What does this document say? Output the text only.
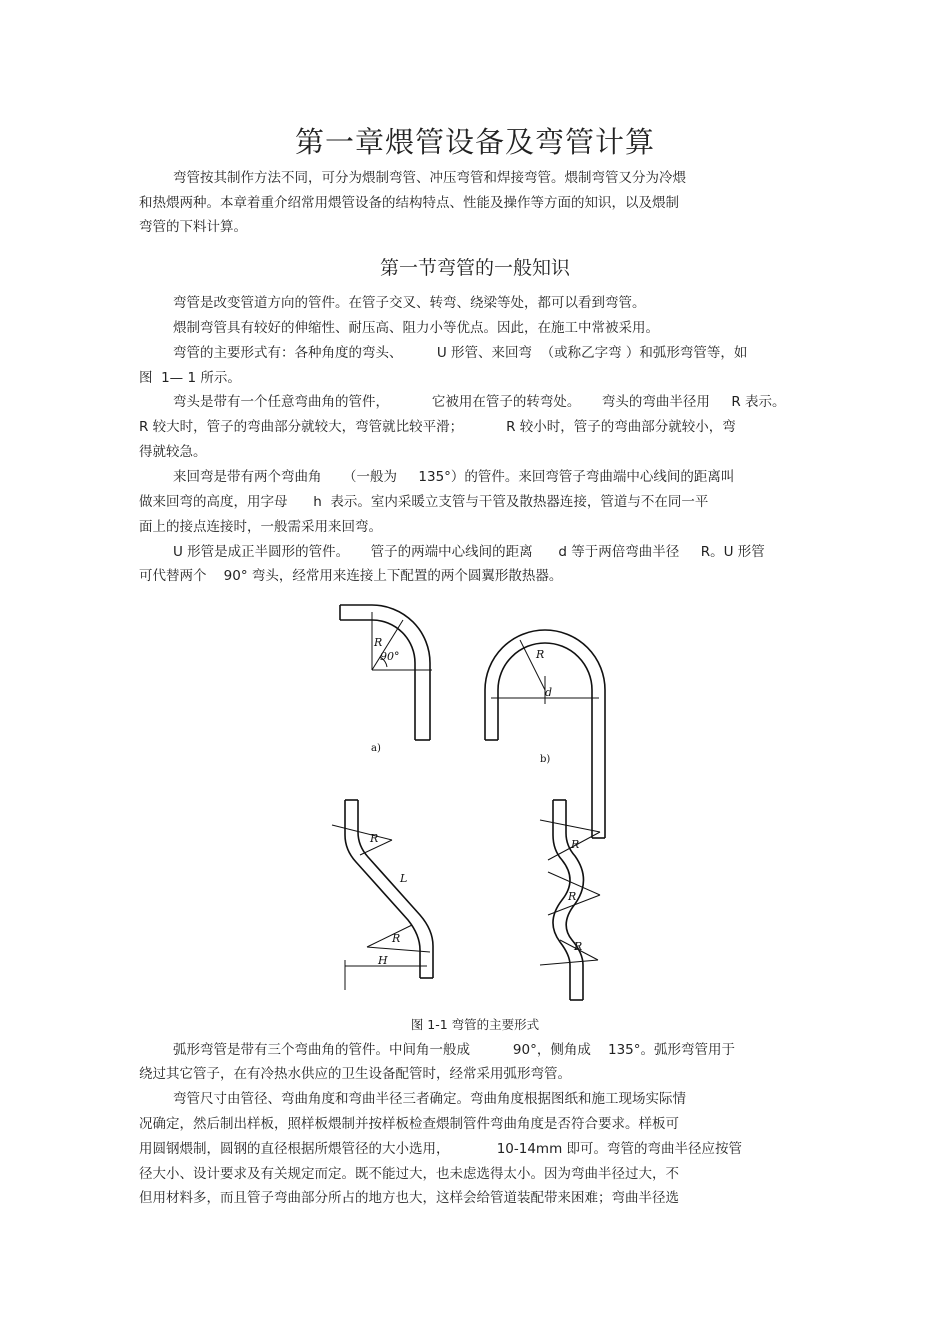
第一章煨管设备及弯管计算
弯管按其制作方法不同，可分为煨制弯管、冲压弯管和焊接弯管。煨制弯管又分为冷煨
和热煨两种。本章着重介绍常用煨管设备的结构特点、性能及操作等方面的知识，以及煨制
弯管的下料计算。
第一节弯管的一般知识
弯管是改变管道方向的管件。在管子交叉、转弯、绕梁等处，都可以看到弯管。
煨制弯管具有较好的伸缩性、耐压高、阻力小等优点。因此，在施工中常被采用。
弯管的主要形式有：各种角度的弯头、        U 形管、来回弯  （或称乙字弯 ）和弧形弯管等，如
图  1— 1 所示。
弯头是带有一个任意弯曲角的管件，          它被用在管子的转弯处。     弯头的弯曲半径用     R 表示。
R 较大时，管子的弯曲部分就较大，弯管就比较平滑；          R 较小时，管子的弯曲部分就较小，弯
得就较急。
来回弯是带有两个弯曲角     （一般为     135°）的管件。来回弯管子弯曲端中心线间的距离叫
做来回弯的高度，用字母      h  表示。室内采暖立支管与干管及散热器连接，管道与不在同一平
面上的接点连接时，一般需采用来回弯。
U 形管是成正半圆形的管件。     管子的两端中心线间的距离      d 等于两倍弯曲半径     R。U 形管
可代替两个    90° 弯头，经常用来连接上下配置的两个圆翼形散热器。
R
90°
a)
R
d
b)
R
L
R
H
R
R
R
图 1-1 弯管的主要形式
弧形弯管是带有三个弯曲角的管件。中间角一般成          90°，侧角成    135°。弧形弯管用于
绕过其它管子，在有冷热水供应的卫生设备配管时，经常采用弧形弯管。
弯管尺寸由管径、弯曲角度和弯曲半径三者确定。弯曲角度根据图纸和施工现场实际情
况确定，然后制出样板，照样板煨制并按样板检查煨制管件弯曲角度是否符合要求。样板可
用圆钢煨制，圆钢的直径根据所煨管径的大小选用，           10-14mm 即可。弯管的弯曲半径应按管
径大小、设计要求及有关规定而定。既不能过大，也未虑选得太小。因为弯曲半径过大，不
但用材料多，而且管子弯曲部分所占的地方也大，这样会给管道装配带来困难；弯曲半径选
